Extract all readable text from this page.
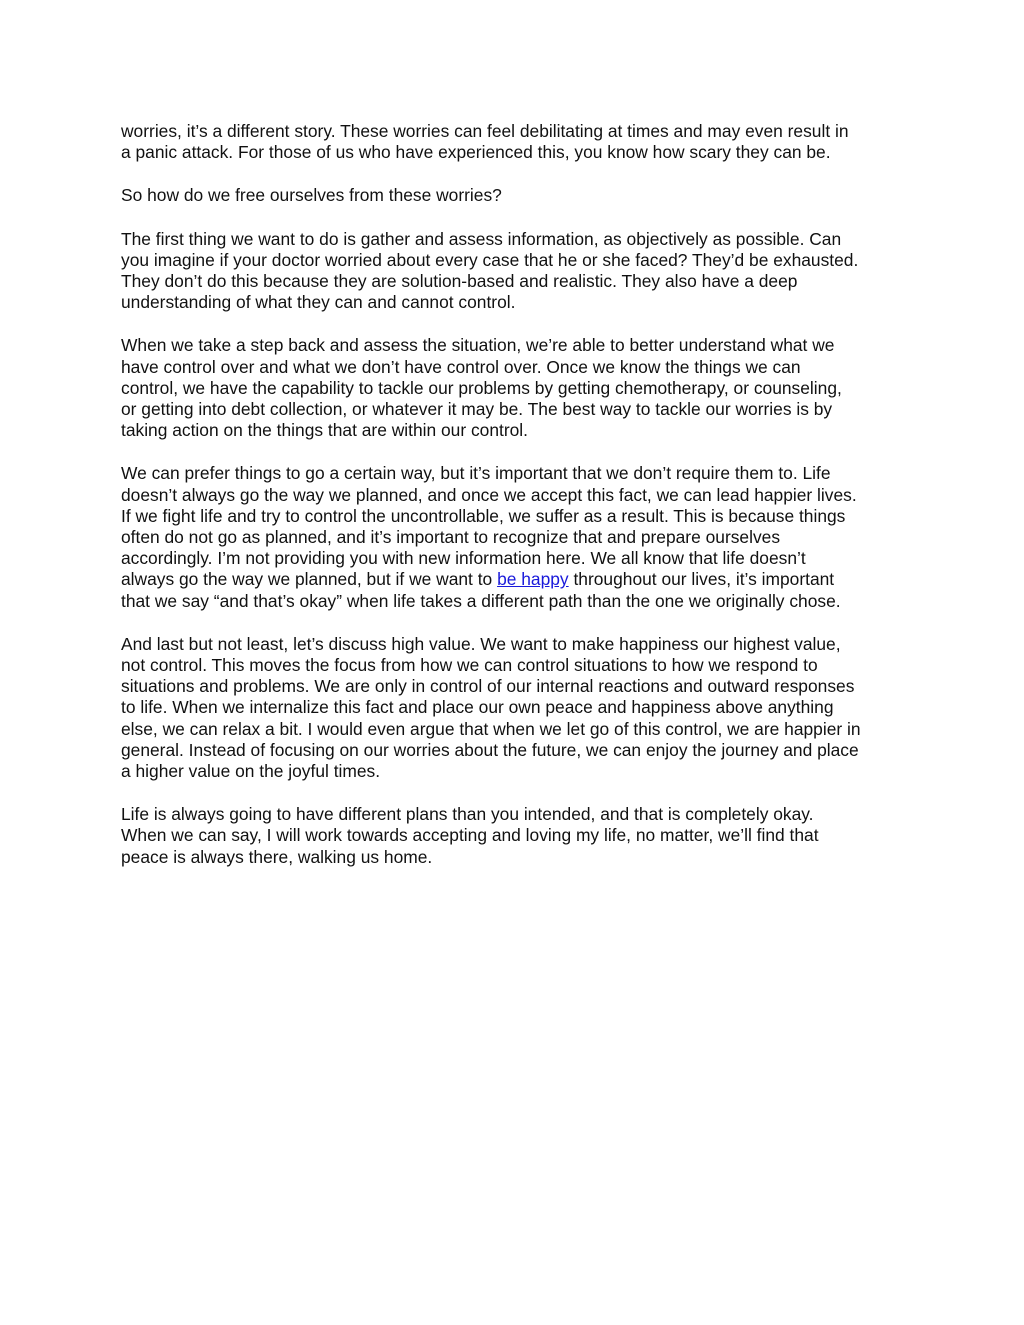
worries, it’s a different story. These worries can feel debilitating at times and may even result in
a panic attack. For those of us who have experienced this, you know how scary they can be.

So how do we free ourselves from these worries?

The first thing we want to do is gather and assess information, as objectively as possible. Can
you imagine if your doctor worried about every case that he or she faced? They’d be exhausted.
They don’t do this because they are solution-based and realistic. They also have a deep
understanding of what they can and cannot control.

When we take a step back and assess the situation, we’re able to better understand what we
have control over and what we don’t have control over. Once we know the things we can
control, we have the capability to tackle our problems by getting chemotherapy, or counseling,
or getting into debt collection, or whatever it may be. The best way to tackle our worries is by
taking action on the things that are within our control.

We can prefer things to go a certain way, but it’s important that we don’t require them to. Life
doesn’t always go the way we planned, and once we accept this fact, we can lead happier lives.
If we fight life and try to control the uncontrollable, we suffer as a result. This is because things
often do not go as planned, and it’s important to recognize that and prepare ourselves
accordingly. I’m not providing you with new information here. We all know that life doesn’t
always go the way we planned, but if we want to be happy throughout our lives, it’s important
that we say “and that’s okay” when life takes a different path than the one we originally chose.

And last but not least, let’s discuss high value. We want to make happiness our highest value,
not control. This moves the focus from how we can control situations to how we respond to
situations and problems. We are only in control of our internal reactions and outward responses
to life. When we internalize this fact and place our own peace and happiness above anything
else, we can relax a bit. I would even argue that when we let go of this control, we are happier in
general. Instead of focusing on our worries about the future, we can enjoy the journey and place
a higher value on the joyful times.

Life is always going to have different plans than you intended, and that is completely okay.
When we can say, I will work towards accepting and loving my life, no matter, we’ll find that
peace is always there, walking us home.
